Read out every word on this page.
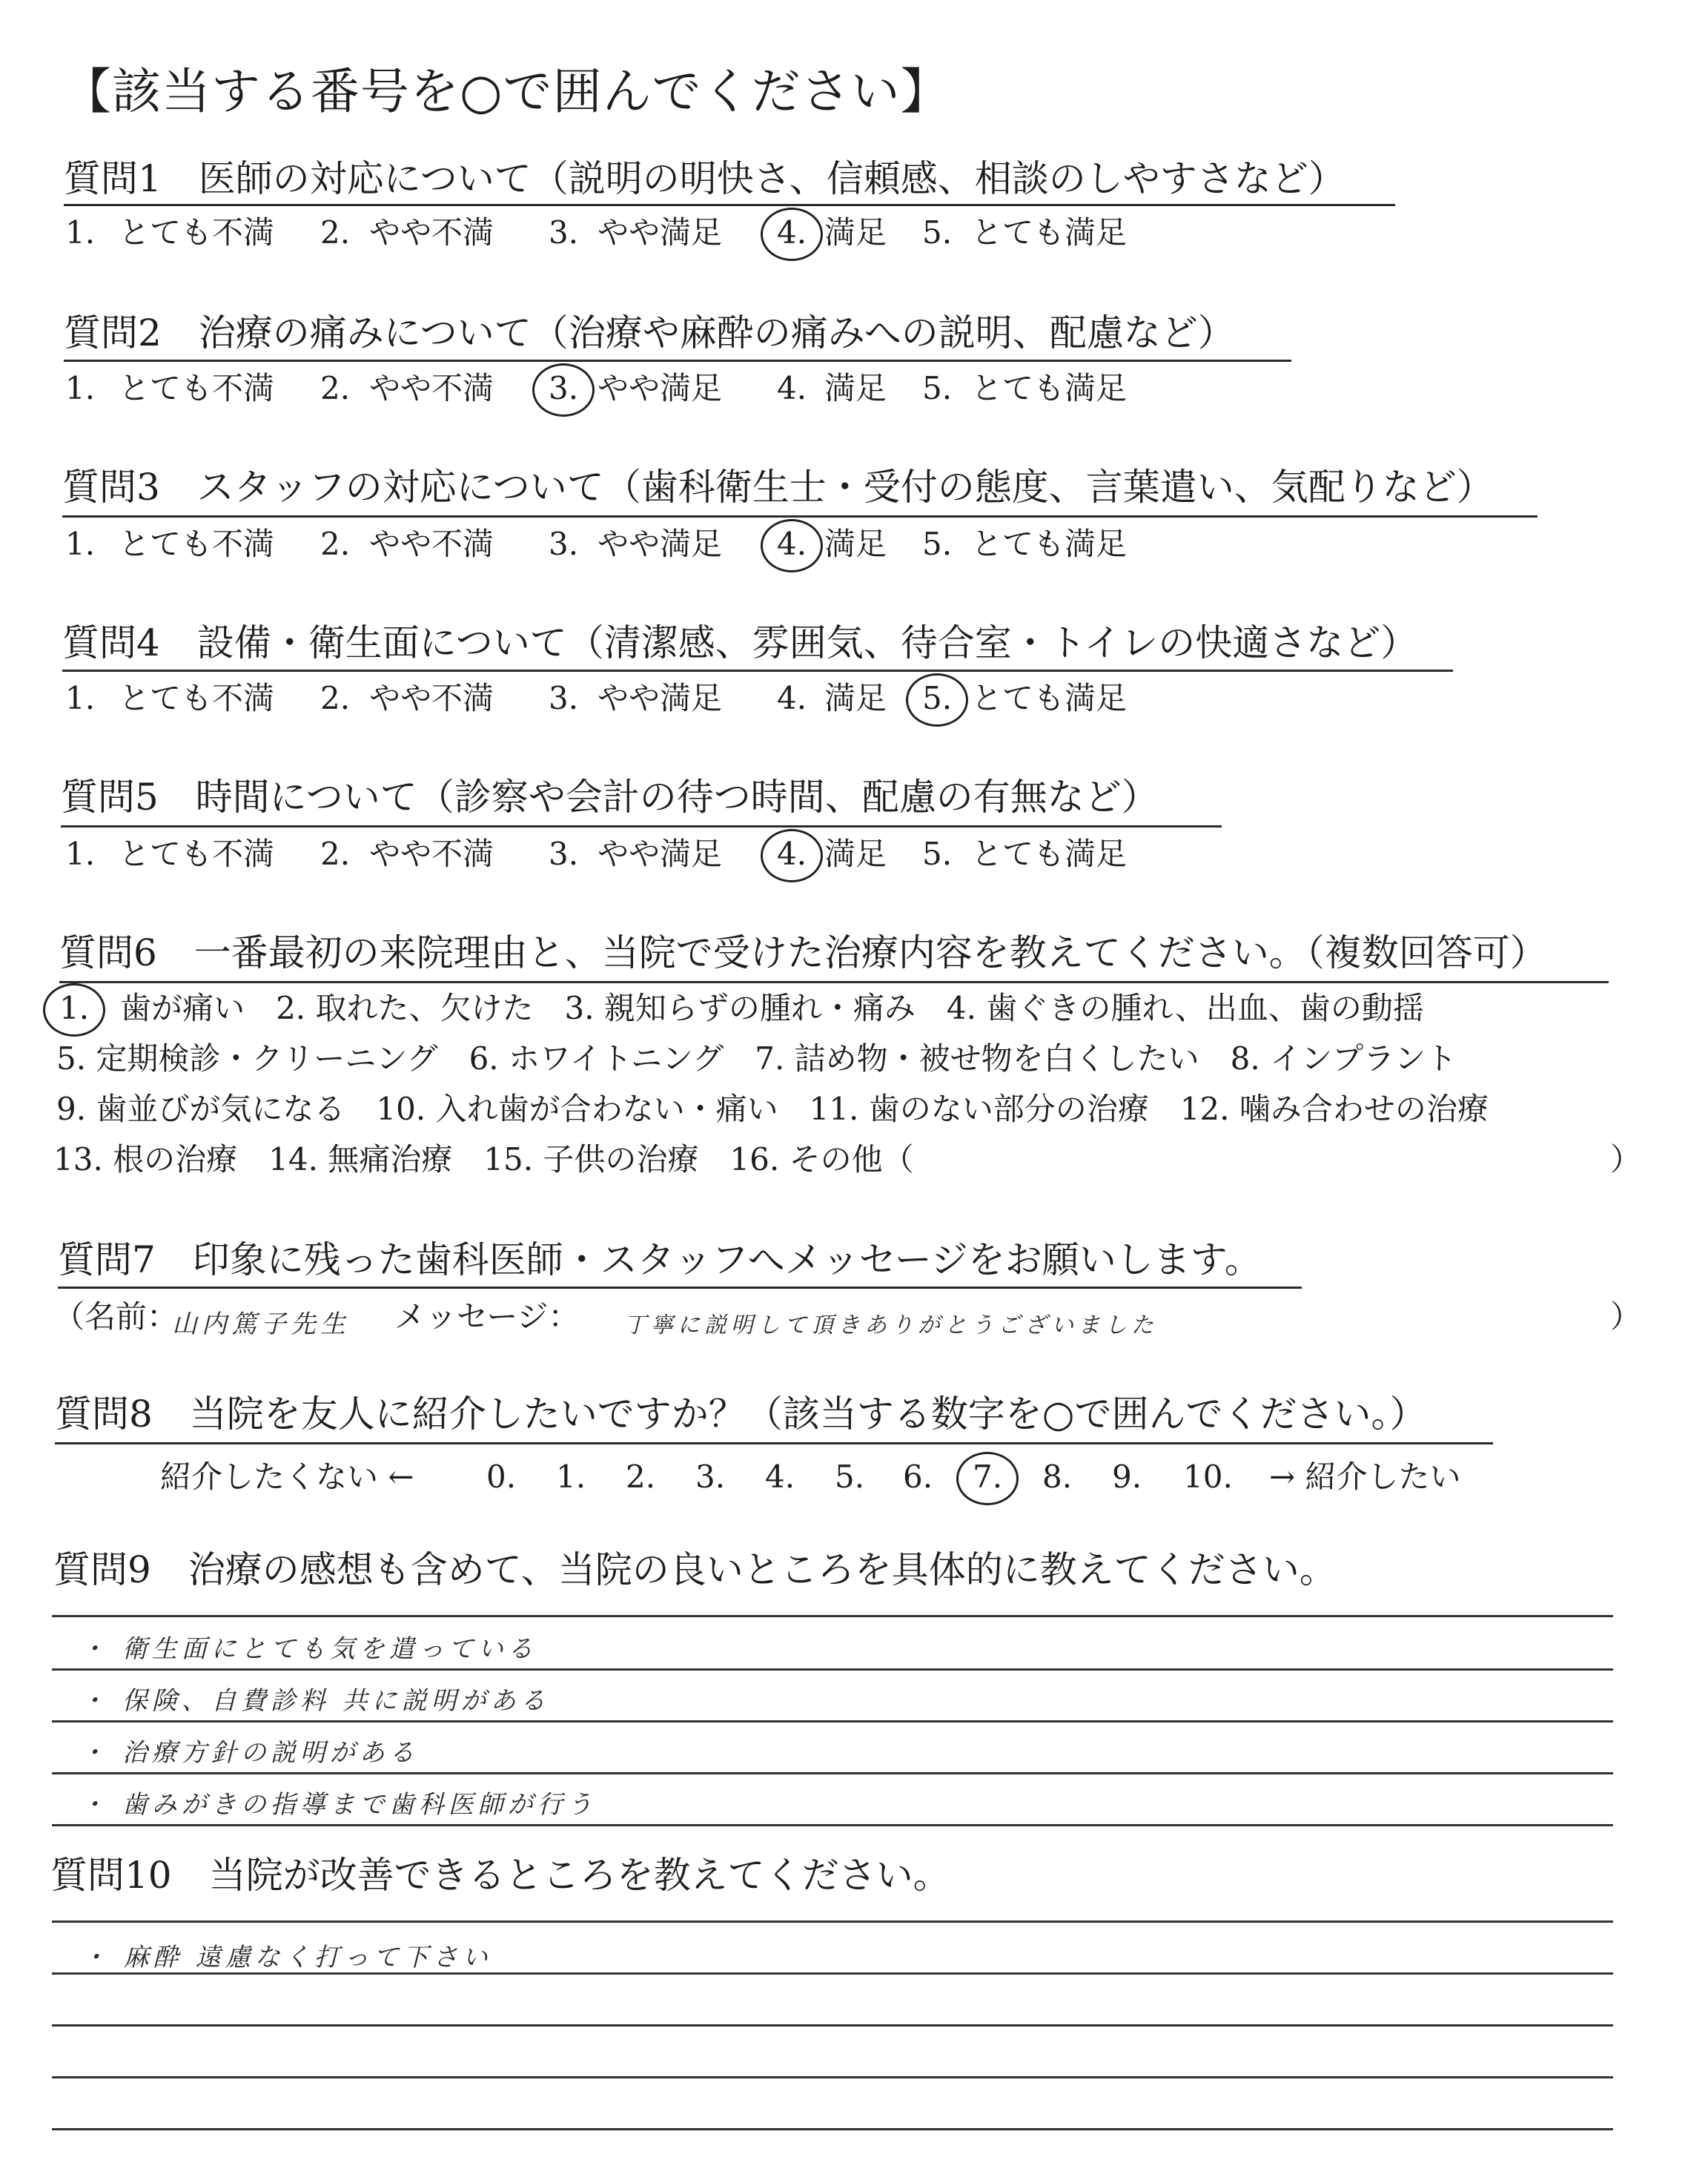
【該当する番号を○で囲んでください】
質問1　医師の対応について（説明の明快さ、信頼感、相談のしやすさなど）
1. とても不満 2. やや不満 3. やや満足 4. 満足 5. とても満足
質問2　治療の痛みについて（治療や麻酔の痛みへの説明、配慮など）
1. とても不満 2. やや不満 3. やや満足 4. 満足 5. とても満足
質問3　スタッフの対応について（歯科衛生士・受付の態度、言葉遣い、気配りなど）
1. とても不満 2. やや不満 3. やや満足 4. 満足 5. とても満足
質問4　設備・衛生面について（清潔感、雰囲気、待合室・トイレの快適さなど）
1. とても不満 2. やや不満 3. やや満足 4. 満足 5. とても満足
質問5　時間について（診察や会計の待つ時間、配慮の有無など）
1. とても不満 2. やや不満 3. やや満足 4. 満足 5. とても満足
質問6　一番最初の来院理由と、当院で受けた治療内容を教えてください。（複数回答可）
1.　歯が痛い　2. 取れた、欠けた　3. 親知らずの腫れ・痛み　4. 歯ぐきの腫れ、出血、歯の動揺
5. 定期検診・クリーニング　6. ホワイトニング　7. 詰め物・被せ物を白くしたい　8. インプラント
9. 歯並びが気になる　10. 入れ歯が合わない・痛い　11. 歯のない部分の治療　12. 噛み合わせの治療
13. 根の治療　14. 無痛治療　15. 子供の治療　16. その他（	）
質問7　印象に残った歯科医師・スタッフへメッセージをお願いします。
（名前：
山内篤子先生 メッセージ： 丁寧に説明して頂きありがとうございました	）
質問8　当院を友人に紹介したいですか？（該当する数字を○で囲んでください。）
紹介したくない ← 0. 1. 2. 3. 4. 5. 6. 7. 8. 9. 10. → 紹介したい
質問9　治療の感想も含めて、当院の良いところを具体的に教えてください。
・ 衛生面にとても気を遣っている
・ 保険、自費診料 共に説明がある
・ 治療方針の説明がある
・ 歯みがきの指導まで歯科医師が行う
質問10　当院が改善できるところを教えてください。
・ 麻酔 遠慮なく打って下さい
